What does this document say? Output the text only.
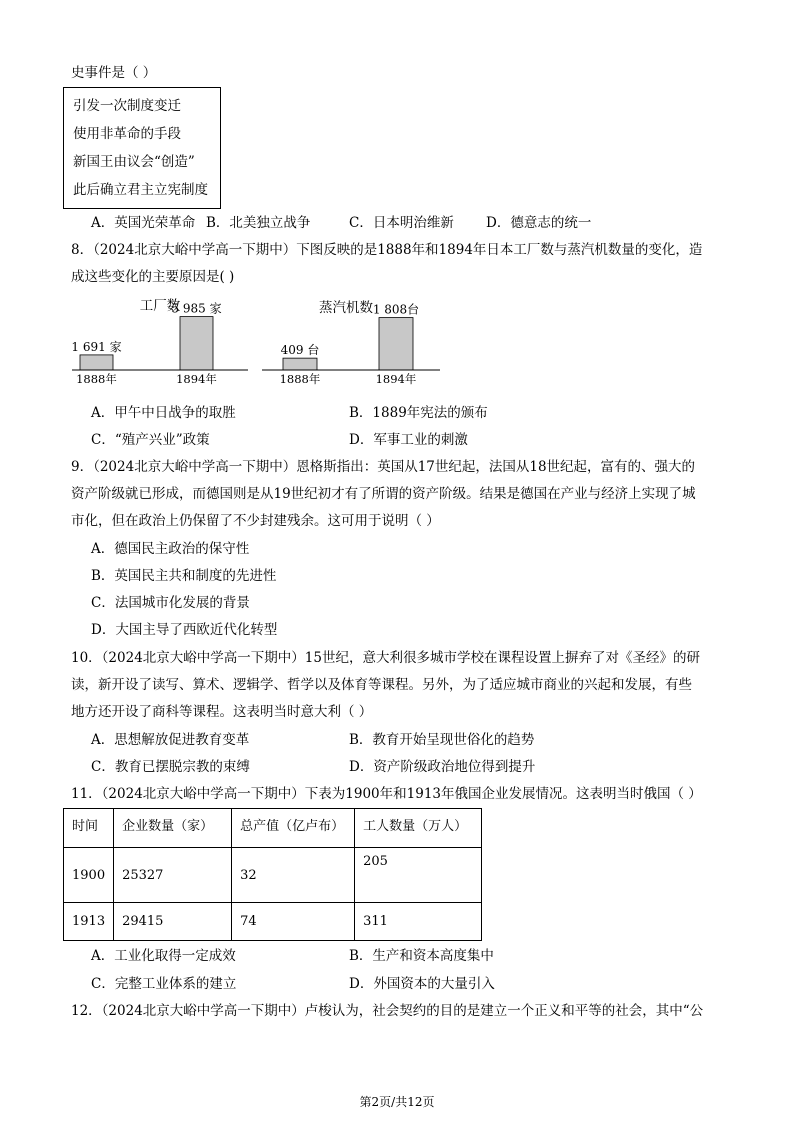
史事件是（ ）
引发一次制度变迁
使用非革命的手段
新国王由议会“创造”
此后确立君主立宪制度
A．英国光荣革命 B．北美独立战争	C．日本明治维新 D．德意志的统一
8．（2024北京大峪中学高一下期中）下图反映的是1888年和1894年日本工厂数与蒸汽机数量的变化，造
成这些变化的主要原因是( )
工厂数
1 691 家
1888年
5 985 家
1894年
蒸汽机数
409 台
1888年
1 808台
1894年
A．甲午中日战争的取胜	B．1889年宪法的颁布
C．“殖产兴业”政策	D．军事工业的刺激
9．（2024北京大峪中学高一下期中）恩格斯指出：英国从17世纪起，法国从18世纪起，富有的、强大的
资产阶级就已形成，而德国则是从19世纪初才有了所谓的资产阶级。结果是德国在产业与经济上实现了城
市化，但在政治上仍保留了不少封建残余。这可用于说明（ ）
A．德国民主政治的保守性
B．英国民主共和制度的先进性
C．法国城市化发展的背景
D．大国主导了西欧近代化转型
10．（2024北京大峪中学高一下期中）15世纪，意大利很多城市学校在课程设置上摒弃了对《圣经》的研
读，新开设了读写、算术、逻辑学、哲学以及体育等课程。另外，为了适应城市商业的兴起和发展，有些
地方还开设了商科等课程。这表明当时意大利（ ）
A．思想解放促进教育变革	B．教育开始呈现世俗化的趋势
C．教育已摆脱宗教的束缚	D．资产阶级政治地位得到提升
11．（2024北京大峪中学高一下期中）下表为1900年和1913年俄国企业发展情况。这表明当时俄国（ ）
时间	企业数量（家）	总产值（亿卢布）	工人数量（万人）
1900	25327	32	205
1913	29415	74	311
A．工业化取得一定成效	B．生产和资本高度集中
C．完整工业体系的建立	D．外国资本的大量引入
12．（2024北京大峪中学高一下期中）卢梭认为，社会契约的目的是建立一个正义和平等的社会，其中“公
第2页/共12页
